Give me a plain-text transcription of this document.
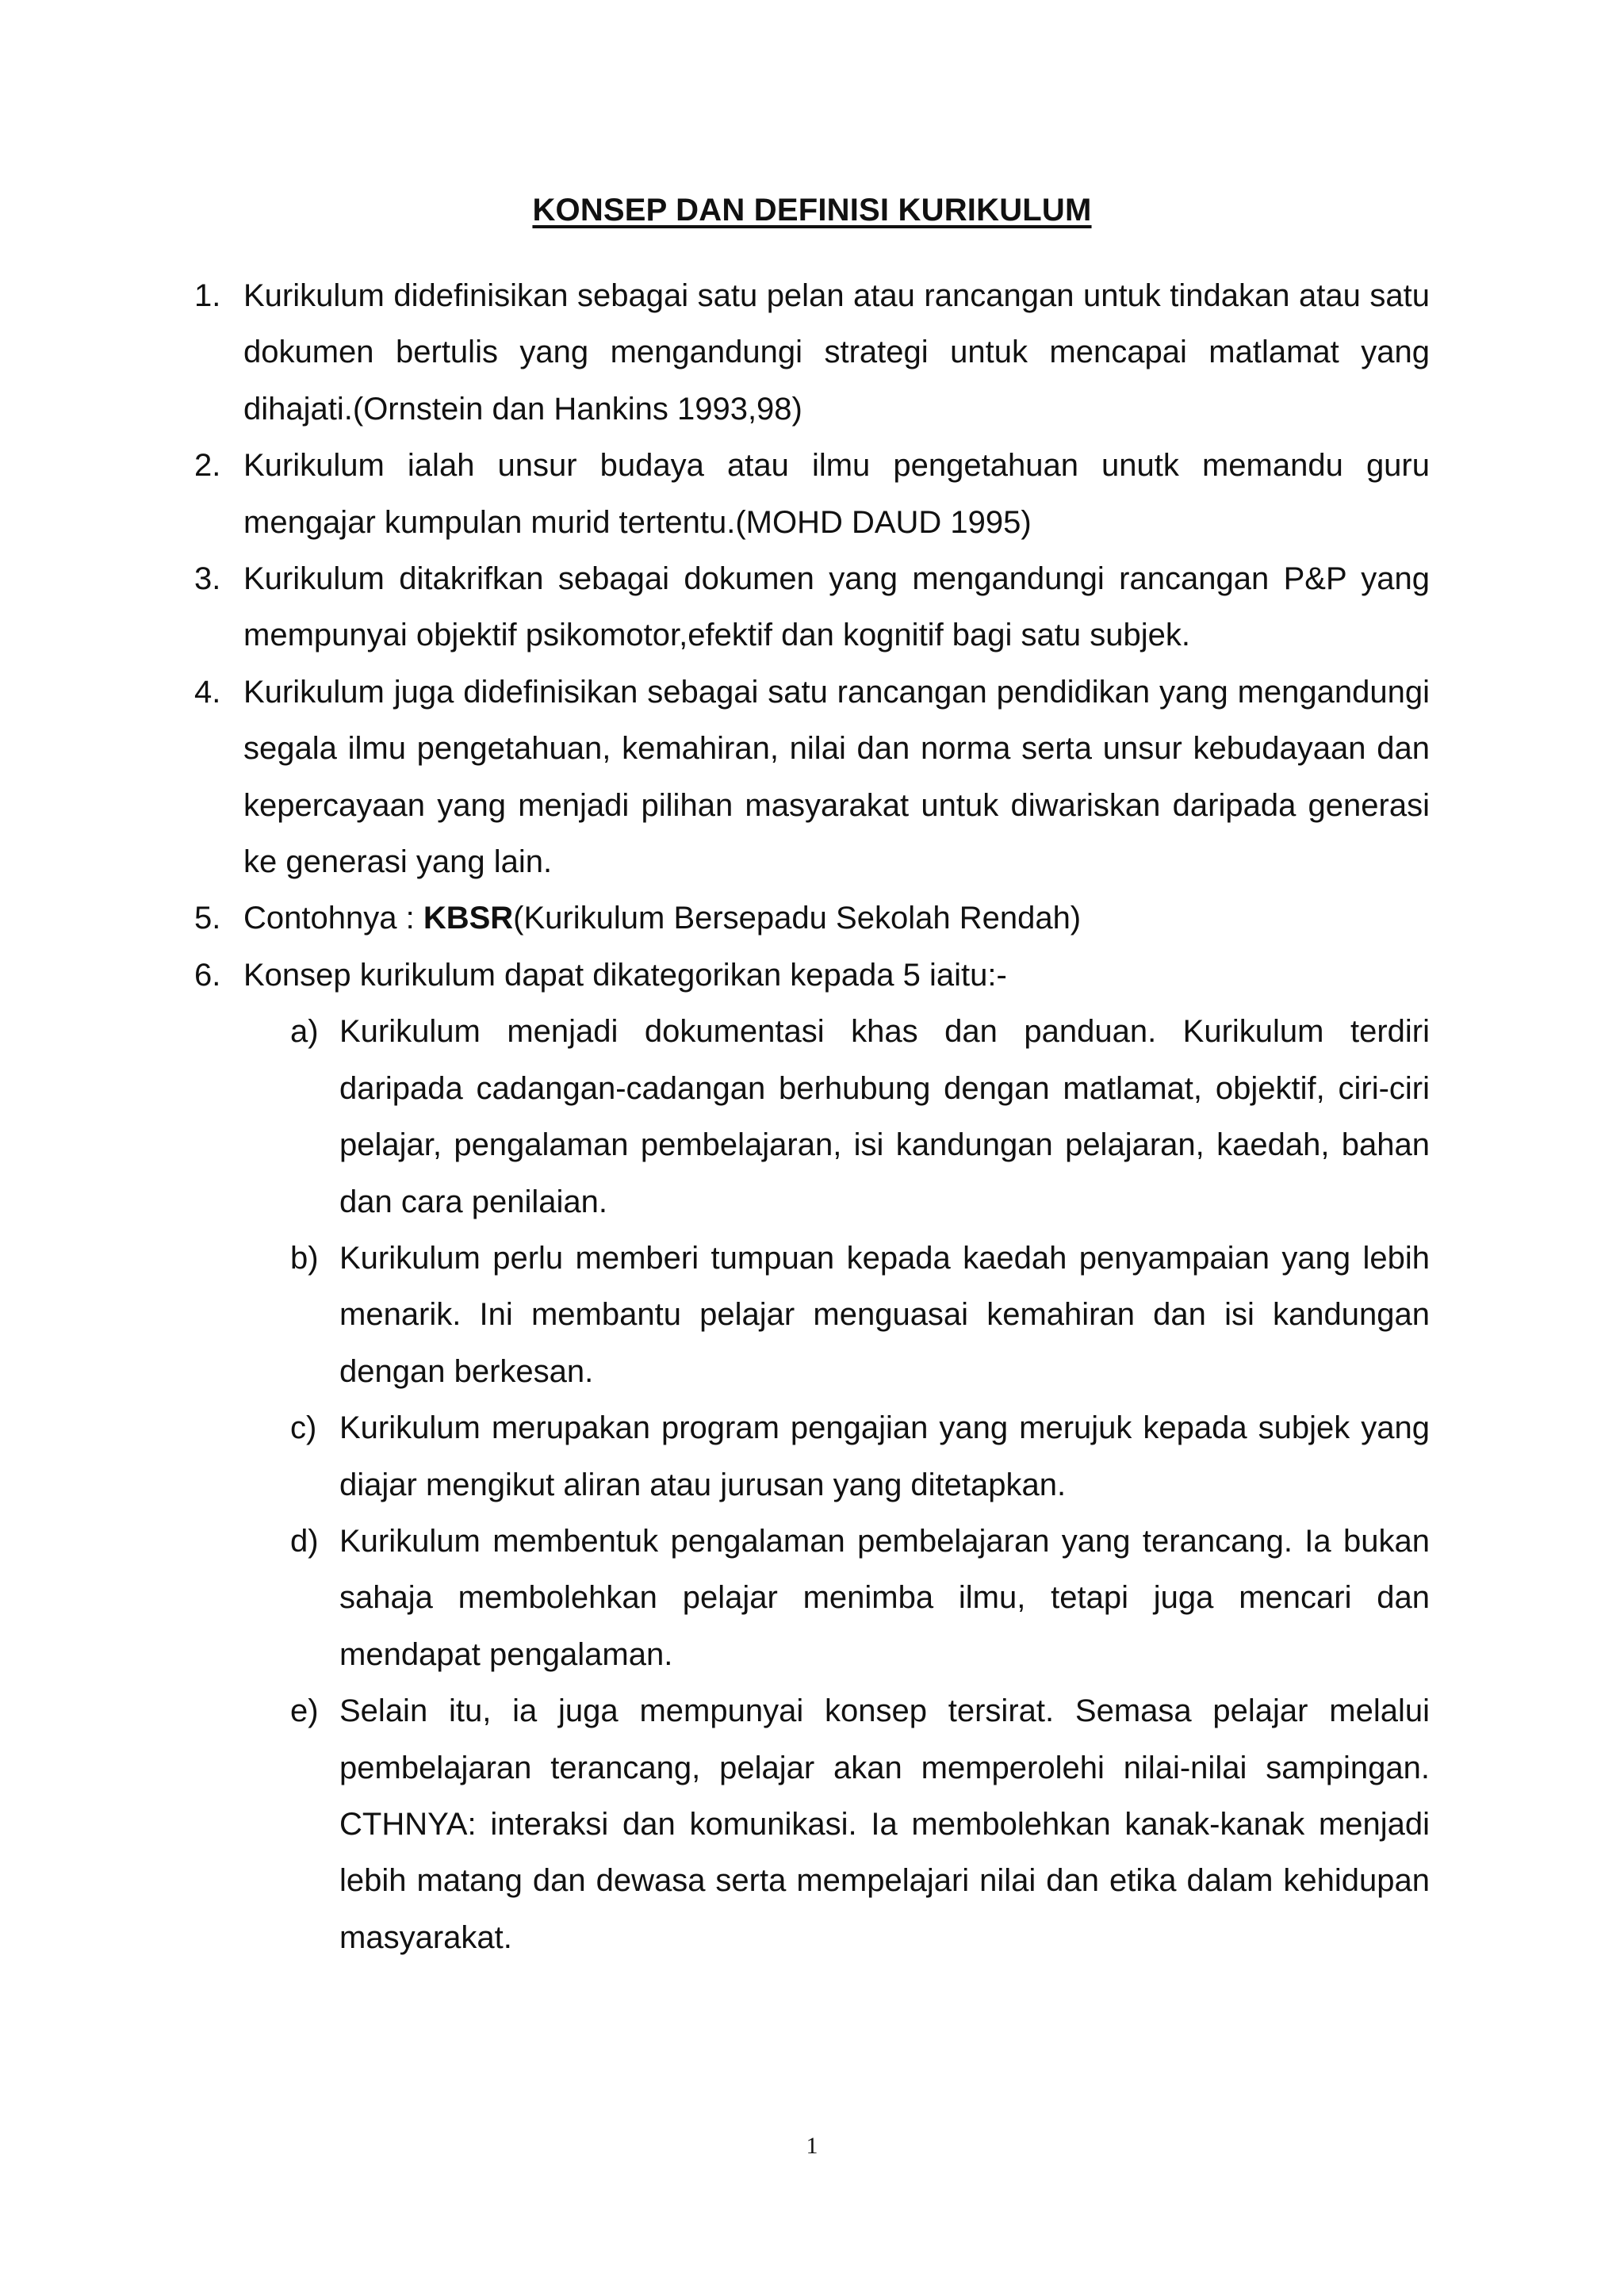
KONSEP DAN DEFINISI KURIKULUM
1. Kurikulum didefinisikan sebagai satu pelan atau rancangan untuk tindakan atau satu dokumen bertulis yang mengandungi strategi untuk mencapai matlamat yang dihajati.(Ornstein dan Hankins 1993,98)
2. Kurikulum ialah unsur budaya atau ilmu pengetahuan unutk memandu guru mengajar kumpulan murid tertentu.(MOHD DAUD 1995)
3. Kurikulum ditakrifkan sebagai dokumen yang mengandungi rancangan P&P yang mempunyai objektif psikomotor,efektif dan kognitif bagi satu subjek.
4. Kurikulum juga didefinisikan sebagai satu rancangan pendidikan yang mengandungi segala ilmu pengetahuan, kemahiran, nilai dan norma serta unsur kebudayaan dan kepercayaan yang menjadi pilihan masyarakat untuk diwariskan daripada generasi ke generasi yang lain.
5. Contohnya : KBSR(Kurikulum Bersepadu Sekolah Rendah)
6. Konsep kurikulum dapat dikategorikan kepada 5 iaitu:-
a) Kurikulum menjadi dokumentasi khas dan panduan. Kurikulum terdiri daripada cadangan-cadangan berhubung dengan matlamat, objektif, ciri-ciri pelajar, pengalaman pembelajaran, isi kandungan pelajaran, kaedah, bahan dan cara penilaian.
b) Kurikulum perlu memberi tumpuan kepada kaedah penyampaian yang lebih menarik. Ini membantu pelajar menguasai kemahiran dan isi kandungan dengan berkesan.
c) Kurikulum merupakan program pengajian yang merujuk kepada subjek yang diajar mengikut aliran atau jurusan yang ditetapkan.
d) Kurikulum membentuk pengalaman pembelajaran yang terancang. Ia bukan sahaja membolehkan pelajar menimba ilmu, tetapi juga mencari dan mendapat pengalaman.
e) Selain itu, ia juga mempunyai konsep tersirat. Semasa pelajar melalui pembelajaran terancang, pelajar akan memperolehi nilai-nilai sampingan. CTHNYA: interaksi dan komunikasi. Ia membolehkan kanak-kanak menjadi lebih matang dan dewasa serta mempelajari nilai dan etika dalam kehidupan masyarakat.
1
